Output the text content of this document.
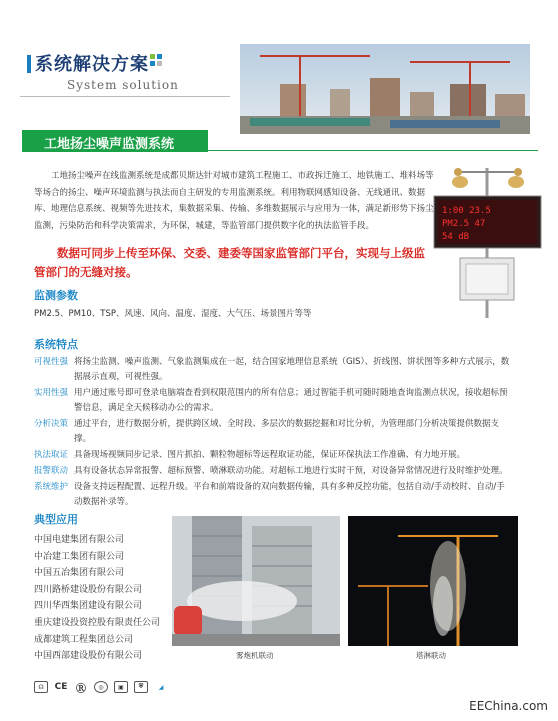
系统解决方案
System solution
工地扬尘噪声监测系统
工地扬尘噪声在线监测系统是成都贝斯达针对城市建筑工程施工、市政拆迁施工、地铁施工、堆料场等等场合的扬尘、噪声环境监测与执法而自主研发的专用监测系统。利用物联网感知设备、无线通讯、数据库、地理信息系统、视频等先进技术，集数据采集、传输、多维数据展示与应用为一体，满足新形势下扬尘监测，污染防治和科学决策需求，为环保，城建，等监管部门提供数字化的执法监管手段。
1:00 23.5
PM2.5 47
54 dB
数据可同步上传至环保、交委、建委等国家监管部门平台，实现与上级监管部门的无缝对接。
监测参数
PM2.5、PM10、TSP、风速、风向、温度、湿度、大气压、场景图片等等
系统特点
可视性强 将扬尘监测、噪声监测、气象监测集成在一起，结合国家地理信息系统（GIS）、折线图、饼状图等多种方式展示，数据展示直观，可视性强。
实用性强 用户通过账号即可登录电脑端查看到权限范围内的所有信息；通过智能手机可随时随地查询监测点状况，接收超标预警信息，满足全天候移动办公的需求。
分析决策 通过平台，进行数据分析，提供跨区域、全时段、多层次的数据挖掘和对比分析，为管理部门分析决策提供数据支撑。
执法取证 具备现场视频同步记录、图片抓拍、颗粒物超标等远程取证功能，保证环保执法工作准确、有力地开展。
报警联动 具有设备状态异常报警、超标预警、喷淋联动功能。对超标工地进行实时干预，对设备异常情况进行及时维护处理。
系统维护 设备支持远程配置、远程升级。平台和前端设备的双向数据传输，具有多种反控功能，包括自动/手动校时、自动/手动数据补录等。
典型应用
中国电建集团有限公司
中冶建工集团有限公司
中国五冶集团有限公司
四川路桥建设股份有限公司
四川华西集团建设有限公司
重庆建设投资控股有限责任公司
成都建筑工程集团总公司
中国西部建设股份有限公司	雾炮机联动	塔淋联动
☊	CE Ⓡ	◎	▣	⛨	◢
EEChina.com
